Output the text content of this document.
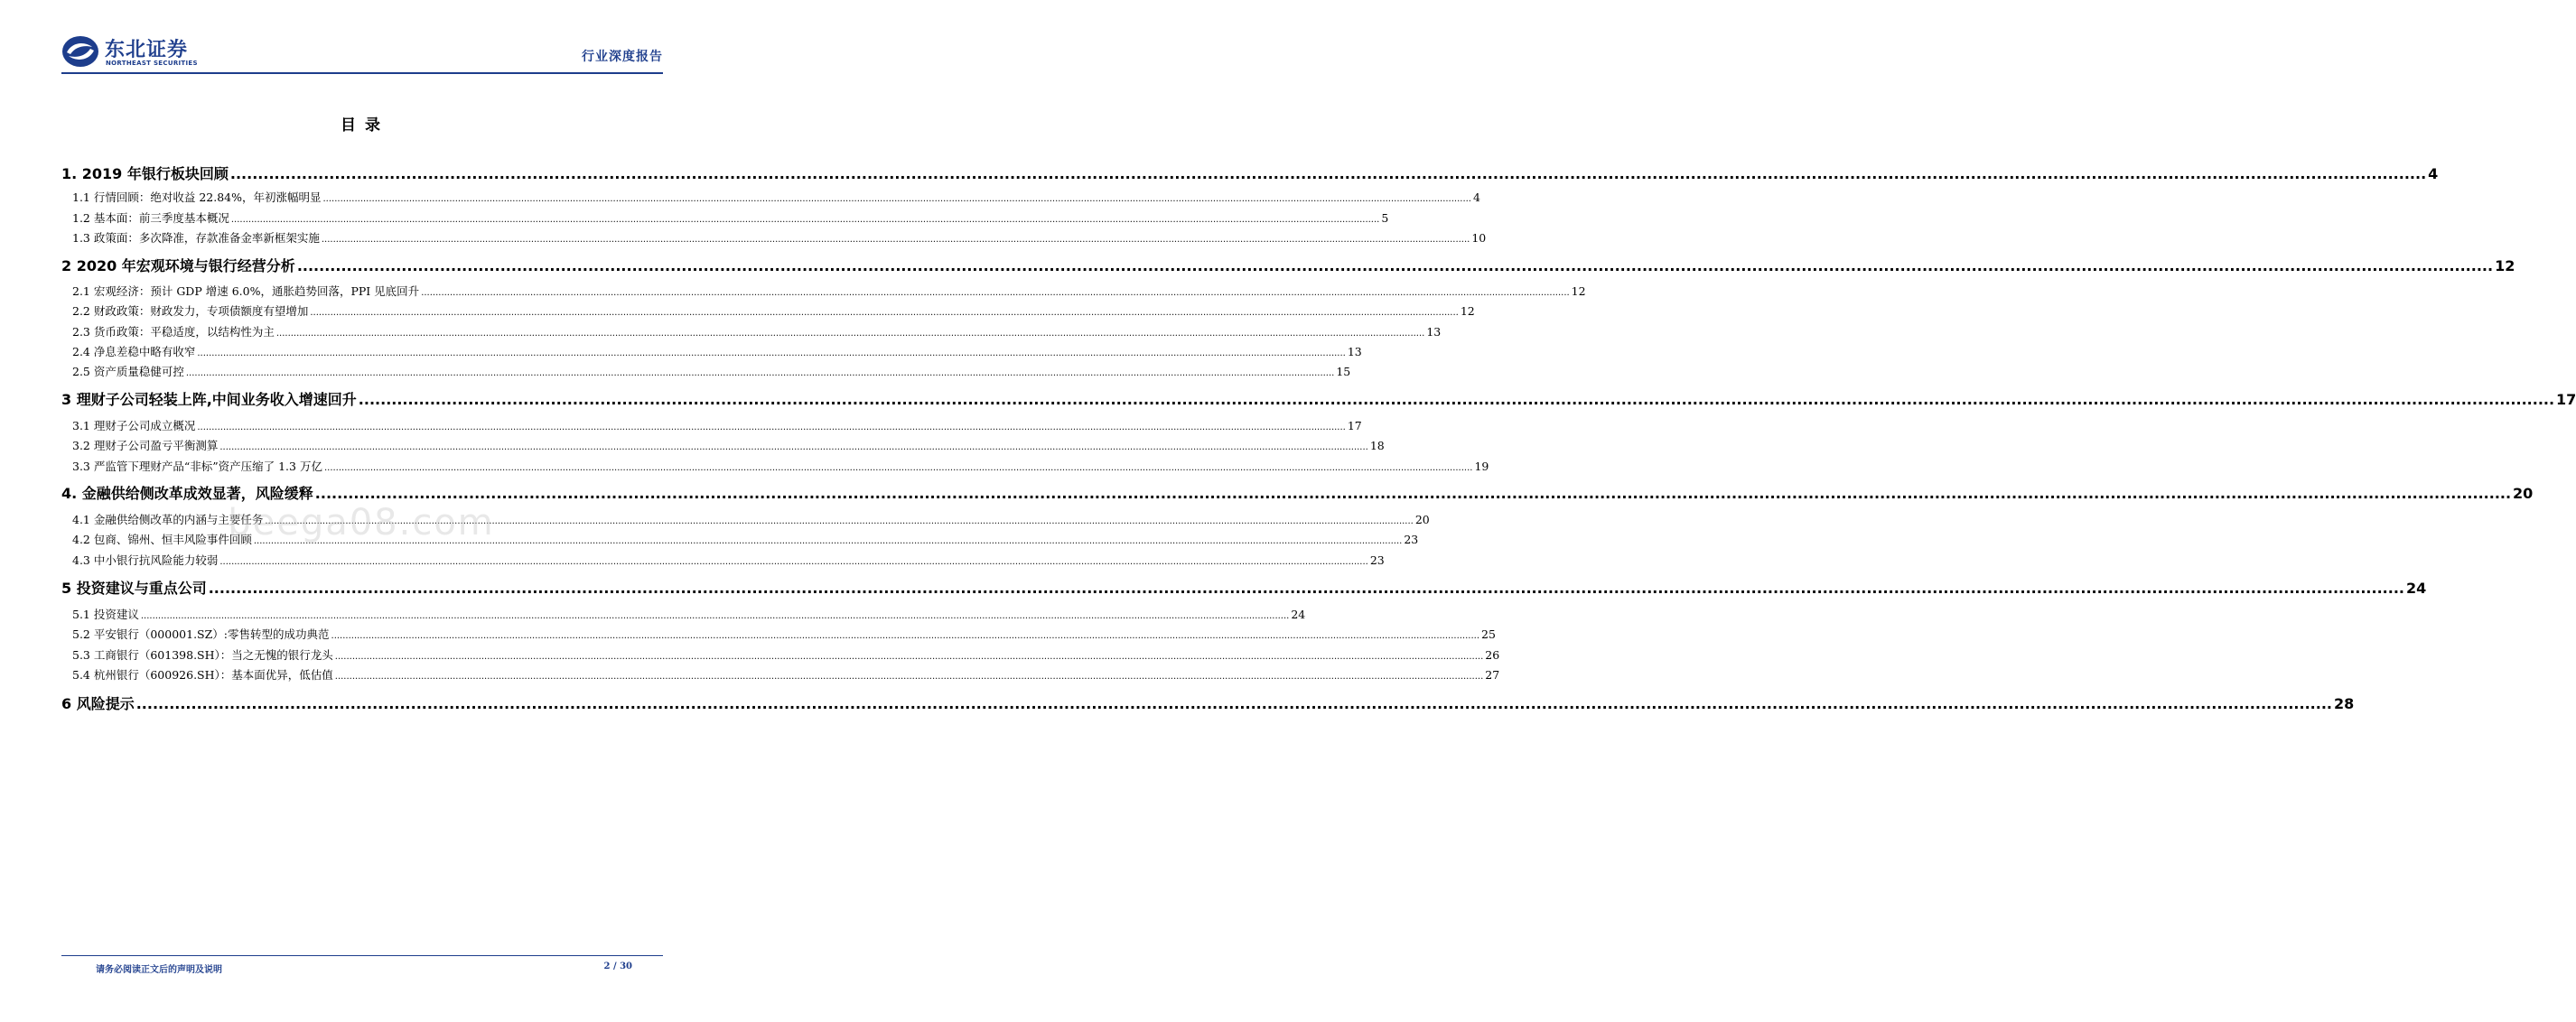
东北证券
NORTHEAST SECURITIES	行业深度报告
目 录
1. 2019 年银行板块回顾 ................................................................................................................................................................................................................................................................................................................................................................................................................ 4
1.1 行情回顾：绝对收益 22.84%，年初涨幅明显 ................................................................................................................................................................................................................................................................................................................................................................................................................ 4
1.2 基本面：前三季度基本概况 ................................................................................................................................................................................................................................................................................................................................................................................................................ 5
1.3 政策面：多次降准，存款准备金率新框架实施 ................................................................................................................................................................................................................................................................................................................................................................................................................ 10
2 2020 年宏观环境与银行经营分析 ................................................................................................................................................................................................................................................................................................................................................................................................................ 12
2.1 宏观经济：预计 GDP 增速 6.0%，通胀趋势回落，PPI 见底回升 ................................................................................................................................................................................................................................................................................................................................................................................................................ 12
2.2 财政政策：财政发力，专项债额度有望增加 ................................................................................................................................................................................................................................................................................................................................................................................................................ 12
2.3 货币政策：平稳适度，以结构性为主 ................................................................................................................................................................................................................................................................................................................................................................................................................ 13
2.4 净息差稳中略有收窄 ................................................................................................................................................................................................................................................................................................................................................................................................................ 13
2.5 资产质量稳健可控 ................................................................................................................................................................................................................................................................................................................................................................................................................ 15
3 理财子公司轻装上阵,中间业务收入增速回升 ................................................................................................................................................................................................................................................................................................................................................................................................................ 17
3.1 理财子公司成立概况 ................................................................................................................................................................................................................................................................................................................................................................................................................ 17
3.2 理财子公司盈亏平衡测算 ................................................................................................................................................................................................................................................................................................................................................................................................................ 18
3.3 严监管下理财产品“非标”资产压缩了 1.3 万亿 ................................................................................................................................................................................................................................................................................................................................................................................................................ 19
4. 金融供给侧改革成效显著，风险缓释 ................................................................................................................................................................................................................................................................................................................................................................................................................ 20
4.1 金融供给侧改革的内涵与主要任务 ................................................................................................................................................................................................................................................................................................................................................................................................................ 20
4.2 包商、锦州、恒丰风险事件回顾 ................................................................................................................................................................................................................................................................................................................................................................................................................ 23
4.3 中小银行抗风险能力较弱 ................................................................................................................................................................................................................................................................................................................................................................................................................ 23
5 投资建议与重点公司 ................................................................................................................................................................................................................................................................................................................................................................................................................ 24
5.1 投资建议 ................................................................................................................................................................................................................................................................................................................................................................................................................ 24
5.2 平安银行（000001.SZ）:零售转型的成功典范 ................................................................................................................................................................................................................................................................................................................................................................................................................ 25
5.3 工商银行（601398.SH）：当之无愧的银行龙头 ................................................................................................................................................................................................................................................................................................................................................................................................................ 26
5.4 杭州银行（600926.SH）：基本面优异，低估值 ................................................................................................................................................................................................................................................................................................................................................................................................................ 27
6 风险提示 ................................................................................................................................................................................................................................................................................................................................................................................................................ 28
beega08.com
请务必阅读正文后的声明及说明	2 / 30
